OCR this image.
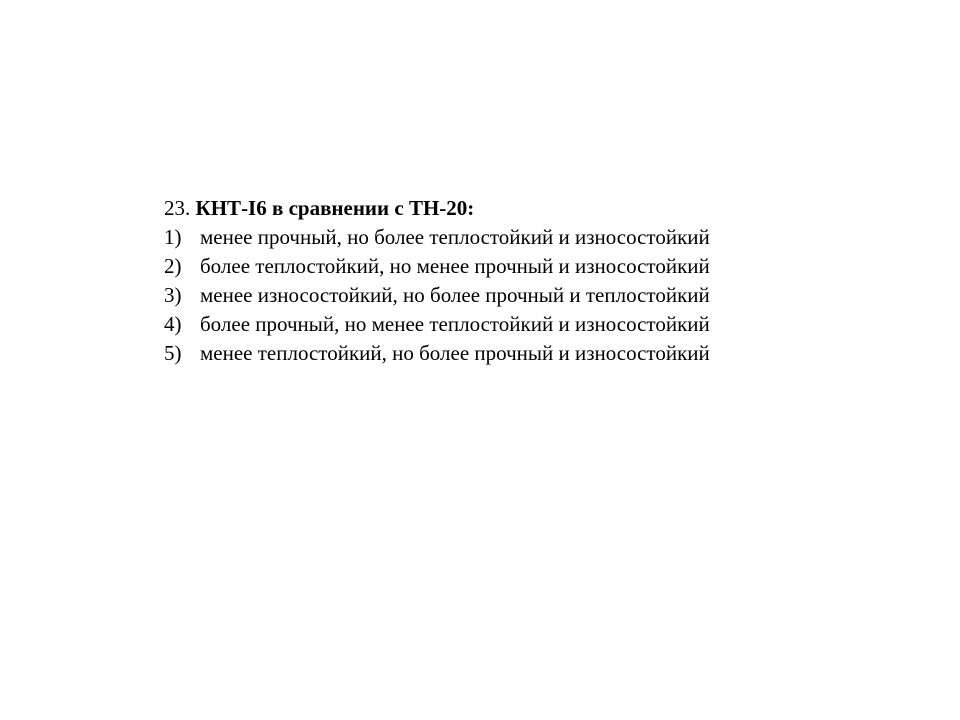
23. КНТ-I6 в сравнении с ТН-20:
1) менее прочный, но более теплостойкий и износостойкий
2) более теплостойкий, но менее прочный и износостойкий
3) менее износостойкий, но более прочный и теплостойкий
4) более прочный, но менее теплостойкий и износостойкий
5) менее теплостойкий, но более прочный и износостойкий
